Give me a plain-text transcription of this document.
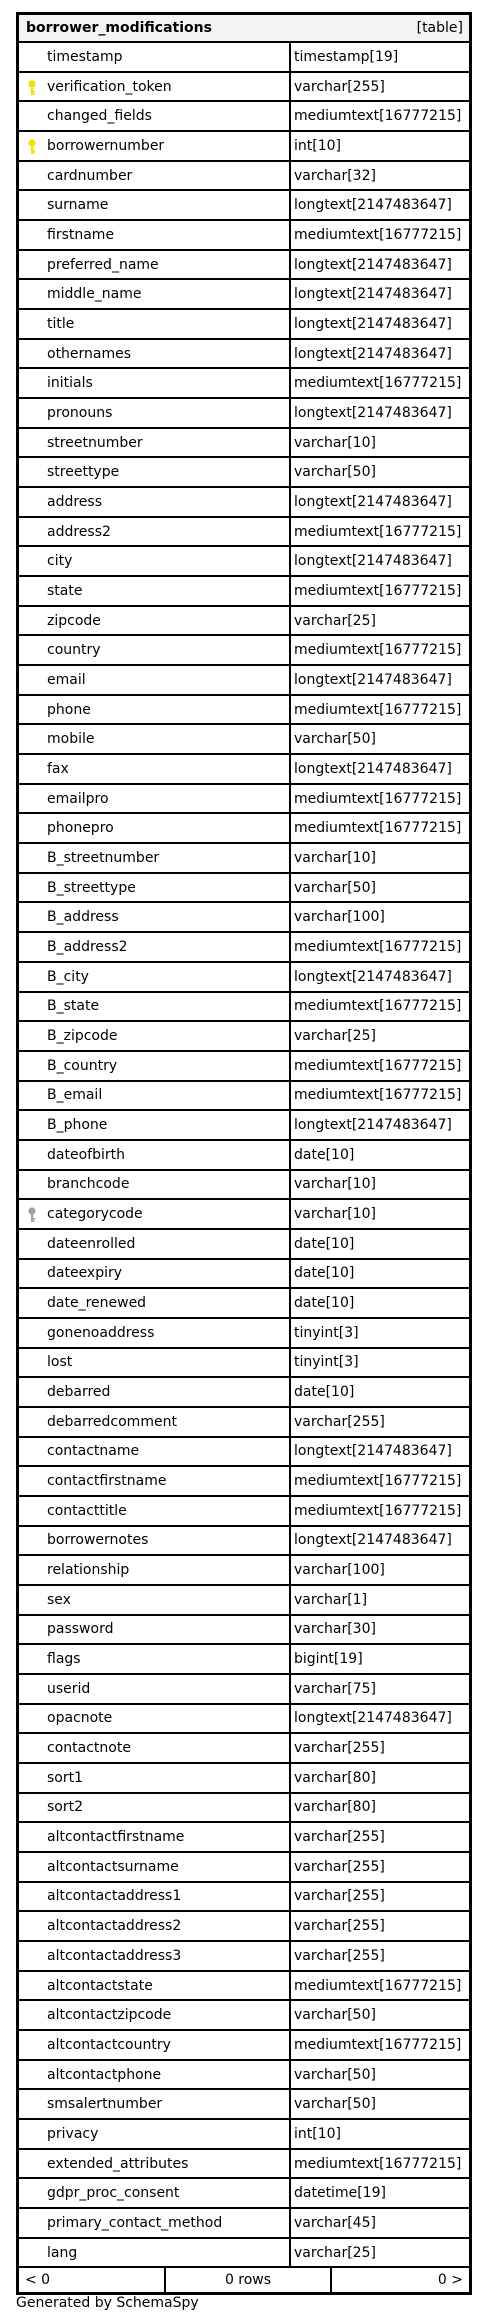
borrower_modifications	[table]
timestamp	timestamp[19]
verification_token	varchar[255]
changed_fields	mediumtext[16777215]
borrowernumber	int[10]
cardnumber	varchar[32]
surname	longtext[2147483647]
firstname	mediumtext[16777215]
preferred_name	longtext[2147483647]
middle_name	longtext[2147483647]
title	longtext[2147483647]
othernames	longtext[2147483647]
initials	mediumtext[16777215]
pronouns	longtext[2147483647]
streetnumber	varchar[10]
streettype	varchar[50]
address	longtext[2147483647]
address2	mediumtext[16777215]
city	longtext[2147483647]
state	mediumtext[16777215]
zipcode	varchar[25]
country	mediumtext[16777215]
email	longtext[2147483647]
phone	mediumtext[16777215]
mobile	varchar[50]
fax	longtext[2147483647]
emailpro	mediumtext[16777215]
phonepro	mediumtext[16777215]
B_streetnumber	varchar[10]
B_streettype	varchar[50]
B_address	varchar[100]
B_address2	mediumtext[16777215]
B_city	longtext[2147483647]
B_state	mediumtext[16777215]
B_zipcode	varchar[25]
B_country	mediumtext[16777215]
B_email	mediumtext[16777215]
B_phone	longtext[2147483647]
dateofbirth	date[10]
branchcode	varchar[10]
categorycode	varchar[10]
dateenrolled	date[10]
dateexpiry	date[10]
date_renewed	date[10]
gonenoaddress	tinyint[3]
lost	tinyint[3]
debarred	date[10]
debarredcomment	varchar[255]
contactname	longtext[2147483647]
contactfirstname	mediumtext[16777215]
contacttitle	mediumtext[16777215]
borrowernotes	longtext[2147483647]
relationship	varchar[100]
sex	varchar[1]
password	varchar[30]
flags	bigint[19]
userid	varchar[75]
opacnote	longtext[2147483647]
contactnote	varchar[255]
sort1	varchar[80]
sort2	varchar[80]
altcontactfirstname	varchar[255]
altcontactsurname	varchar[255]
altcontactaddress1	varchar[255]
altcontactaddress2	varchar[255]
altcontactaddress3	varchar[255]
altcontactstate	mediumtext[16777215]
altcontactzipcode	varchar[50]
altcontactcountry	mediumtext[16777215]
altcontactphone	varchar[50]
smsalertnumber	varchar[50]
privacy	int[10]
extended_attributes	mediumtext[16777215]
gdpr_proc_consent	datetime[19]
primary_contact_method	varchar[45]
lang	varchar[25]
< 0	0 rows	0 >
Generated by SchemaSpy
